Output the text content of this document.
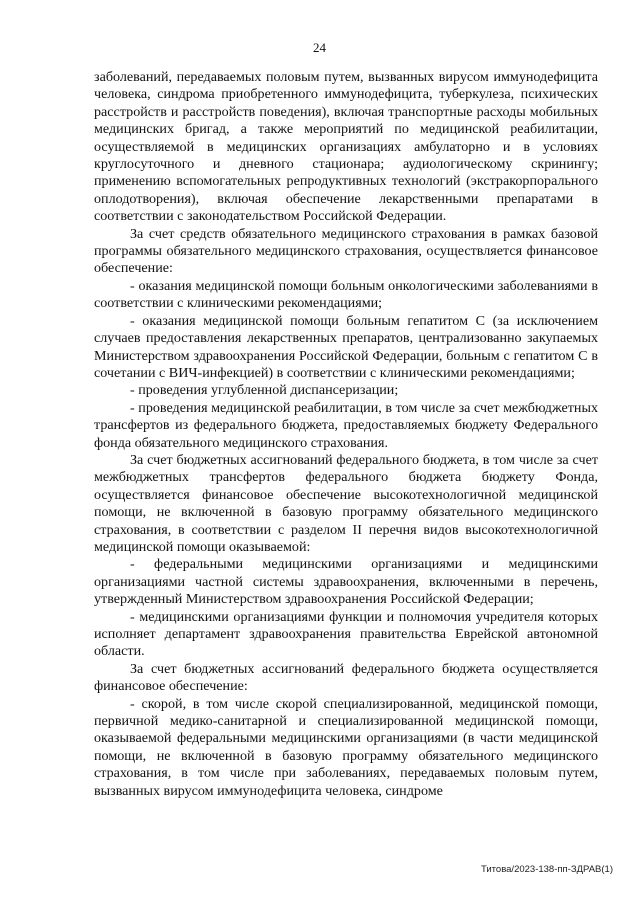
24

заболеваний, передаваемых половым путем, вызванных вирусом иммунодефицита человека, синдрома приобретенного иммунодефицита, туберкулеза, психических расстройств и расстройств поведения), включая транспортные расходы мобильных медицинских бригад, а также мероприятий по медицинской реабилитации, осуществляемой в медицинских организациях амбулаторно и в условиях круглосуточного и дневного стационара; аудиологическому скринингу; применению вспомогательных репродуктивных технологий (экстракорпорального оплодотворения), включая обеспечение лекарственными препаратами в соответствии с законодательством Российской Федерации.

За счет средств обязательного медицинского страхования в рамках базовой программы обязательного медицинского страхования, осуществляется финансовое обеспечение:

- оказания медицинской помощи больным онкологическими заболеваниями в соответствии с клиническими рекомендациями;

- оказания медицинской помощи больным гепатитом С (за исключением случаев предоставления лекарственных препаратов, централизованно закупаемых Министерством здравоохранения Российской Федерации, больным с гепатитом С в сочетании с ВИЧ-инфекцией) в соответствии с клиническими рекомендациями;

- проведения углубленной диспансеризации;

- проведения медицинской реабилитации, в том числе за счет межбюджетных трансфертов из федерального бюджета, предоставляемых бюджету Федерального фонда обязательного медицинского страхования.

За счет бюджетных ассигнований федерального бюджета, в том числе за счет межбюджетных трансфертов федерального бюджета бюджету Фонда, осуществляется финансовое обеспечение высокотехнологичной медицинской помощи, не включенной в базовую программу обязательного медицинского страхования, в соответствии с разделом II перечня видов высокотехнологичной медицинской помощи оказываемой:

- федеральными медицинскими организациями и медицинскими организациями частной системы здравоохранения, включенными в перечень, утвержденный Министерством здравоохранения Российской Федерации;

- медицинскими организациями функции и полномочия учредителя которых исполняет департамент здравоохранения правительства Еврейской автономной области.

За счет бюджетных ассигнований федерального бюджета осуществляется финансовое обеспечение:

- скорой, в том числе скорой специализированной, медицинской помощи, первичной медико-санитарной и специализированной медицинской помощи, оказываемой федеральными медицинскими организациями (в части медицинской помощи, не включенной в базовую программу обязательного медицинского страхования, в том числе при заболеваниях, передаваемых половым путем, вызванных вирусом иммунодефицита человека, синдроме

Титова/2023-138-пп-ЗДРАВ(1)
